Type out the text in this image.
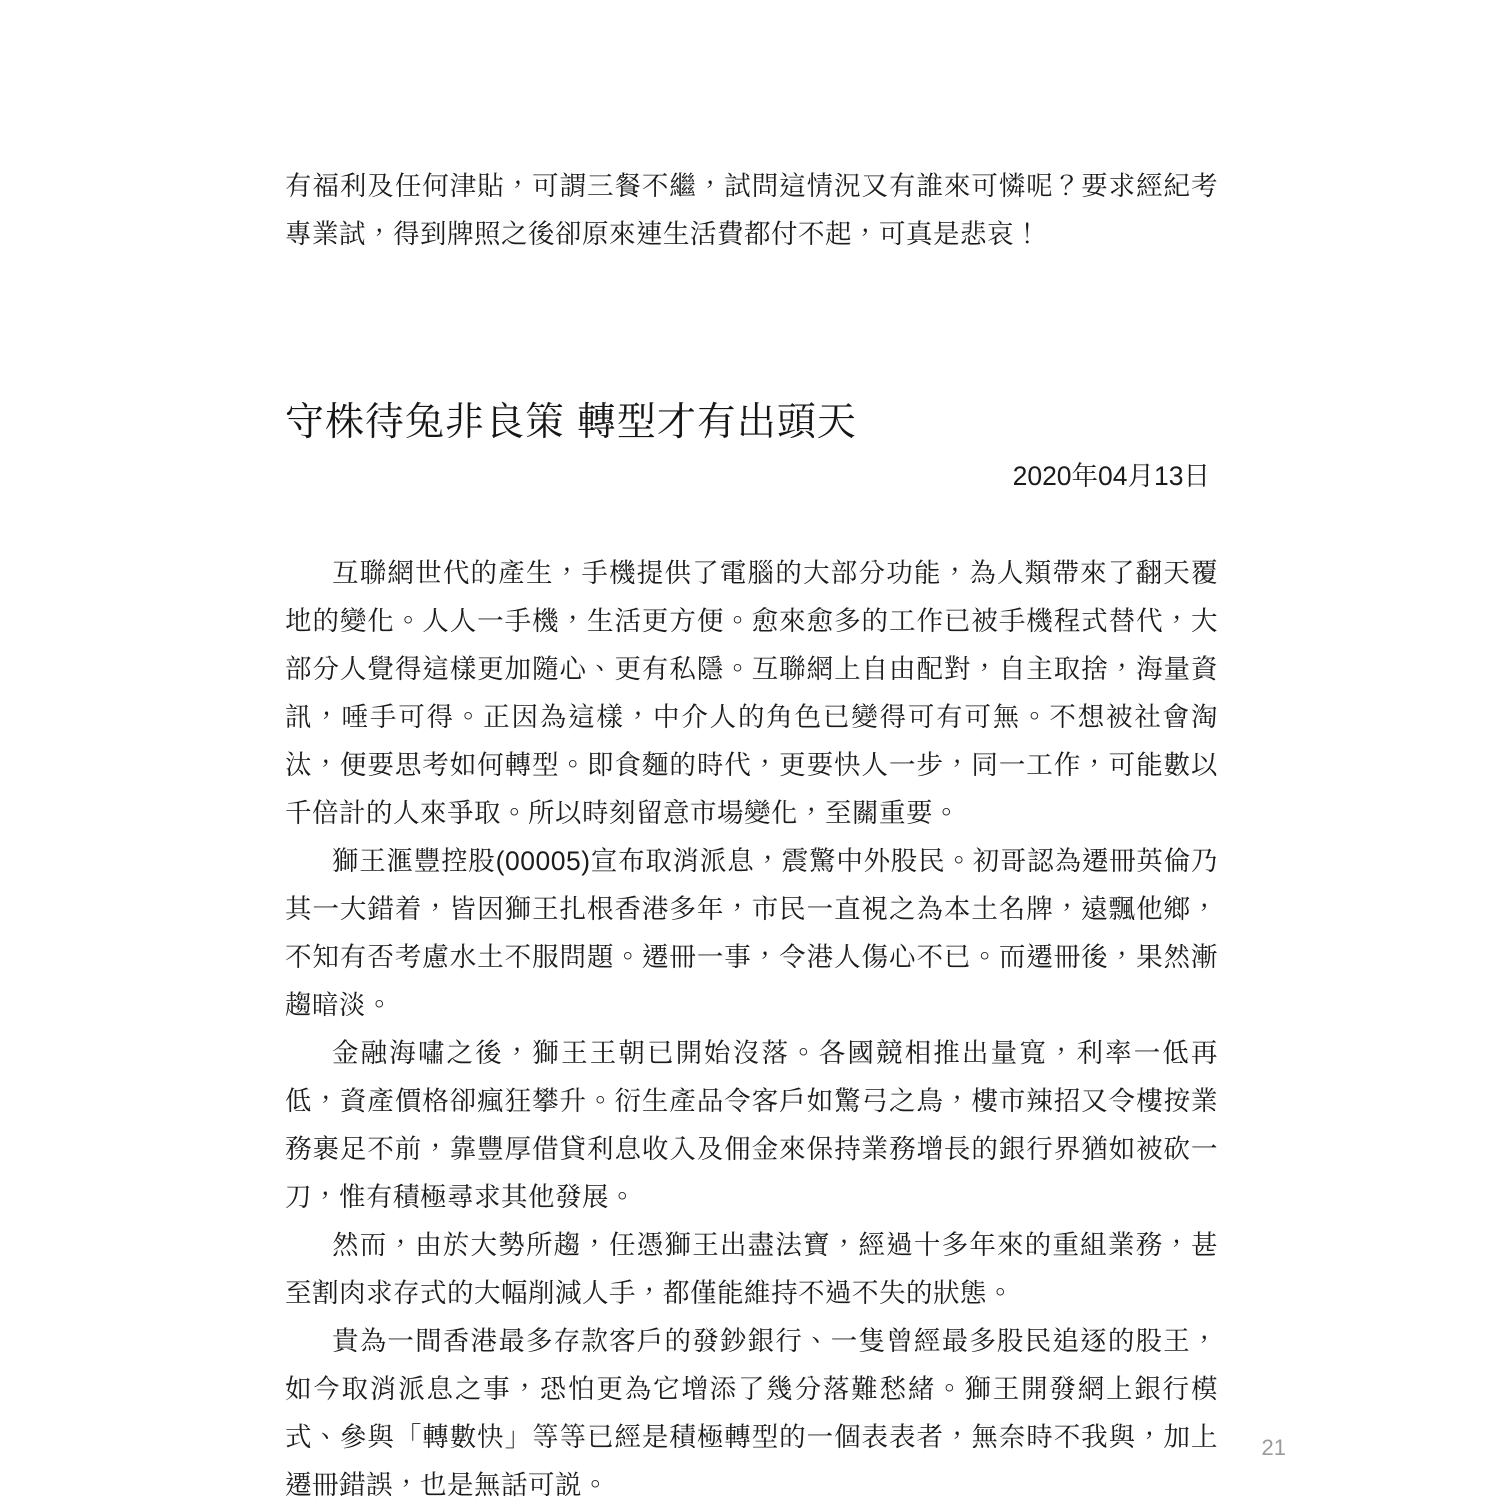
有福利及任何津貼，可謂三餐不繼，試問這情況又有誰來可憐呢？要求經紀考專業試，得到牌照之後卻原來連生活費都付不起，可真是悲哀！

守株待兔非良策 轉型才有出頭天
2020年04月13日

互聯網世代的產生，手機提供了電腦的大部分功能，為人類帶來了翻天覆地的變化。人人一手機，生活更方便。愈來愈多的工作已被手機程式替代，大部分人覺得這樣更加隨心、更有私隱。互聯網上自由配對，自主取捨，海量資訊，唾手可得。正因為這樣，中介人的角色已變得可有可無。不想被社會淘汰，便要思考如何轉型。即食麵的時代，更要快人一步，同一工作，可能數以千倍計的人來爭取。所以時刻留意市場變化，至關重要。

獅王滙豐控股(00005)宣布取消派息，震驚中外股民。初哥認為遷冊英倫乃其一大錯着，皆因獅王扎根香港多年，市民一直視之為本土名牌，遠飄他鄉，不知有否考慮水土不服問題。遷冊一事，令港人傷心不已。而遷冊後，果然漸趨暗淡。

金融海嘯之後，獅王王朝已開始沒落。各國競相推出量寬，利率一低再低，資產價格卻瘋狂攀升。衍生產品令客戶如驚弓之鳥，樓市辣招又令樓按業務裹足不前，靠豐厚借貸利息收入及佣金來保持業務增長的銀行界猶如被砍一刀，惟有積極尋求其他發展。

然而，由於大勢所趨，任憑獅王出盡法寶，經過十多年來的重組業務，甚至割肉求存式的大幅削減人手，都僅能維持不過不失的狀態。

貴為一間香港最多存款客戶的發鈔銀行、一隻曾經最多股民追逐的股王，如今取消派息之事，恐怕更為它增添了幾分落難愁緒。獅王開發網上銀行模式、參與「轉數快」等等已經是積極轉型的一個表表者，無奈時不我與，加上遷冊錯誤，也是無話可説。

21
